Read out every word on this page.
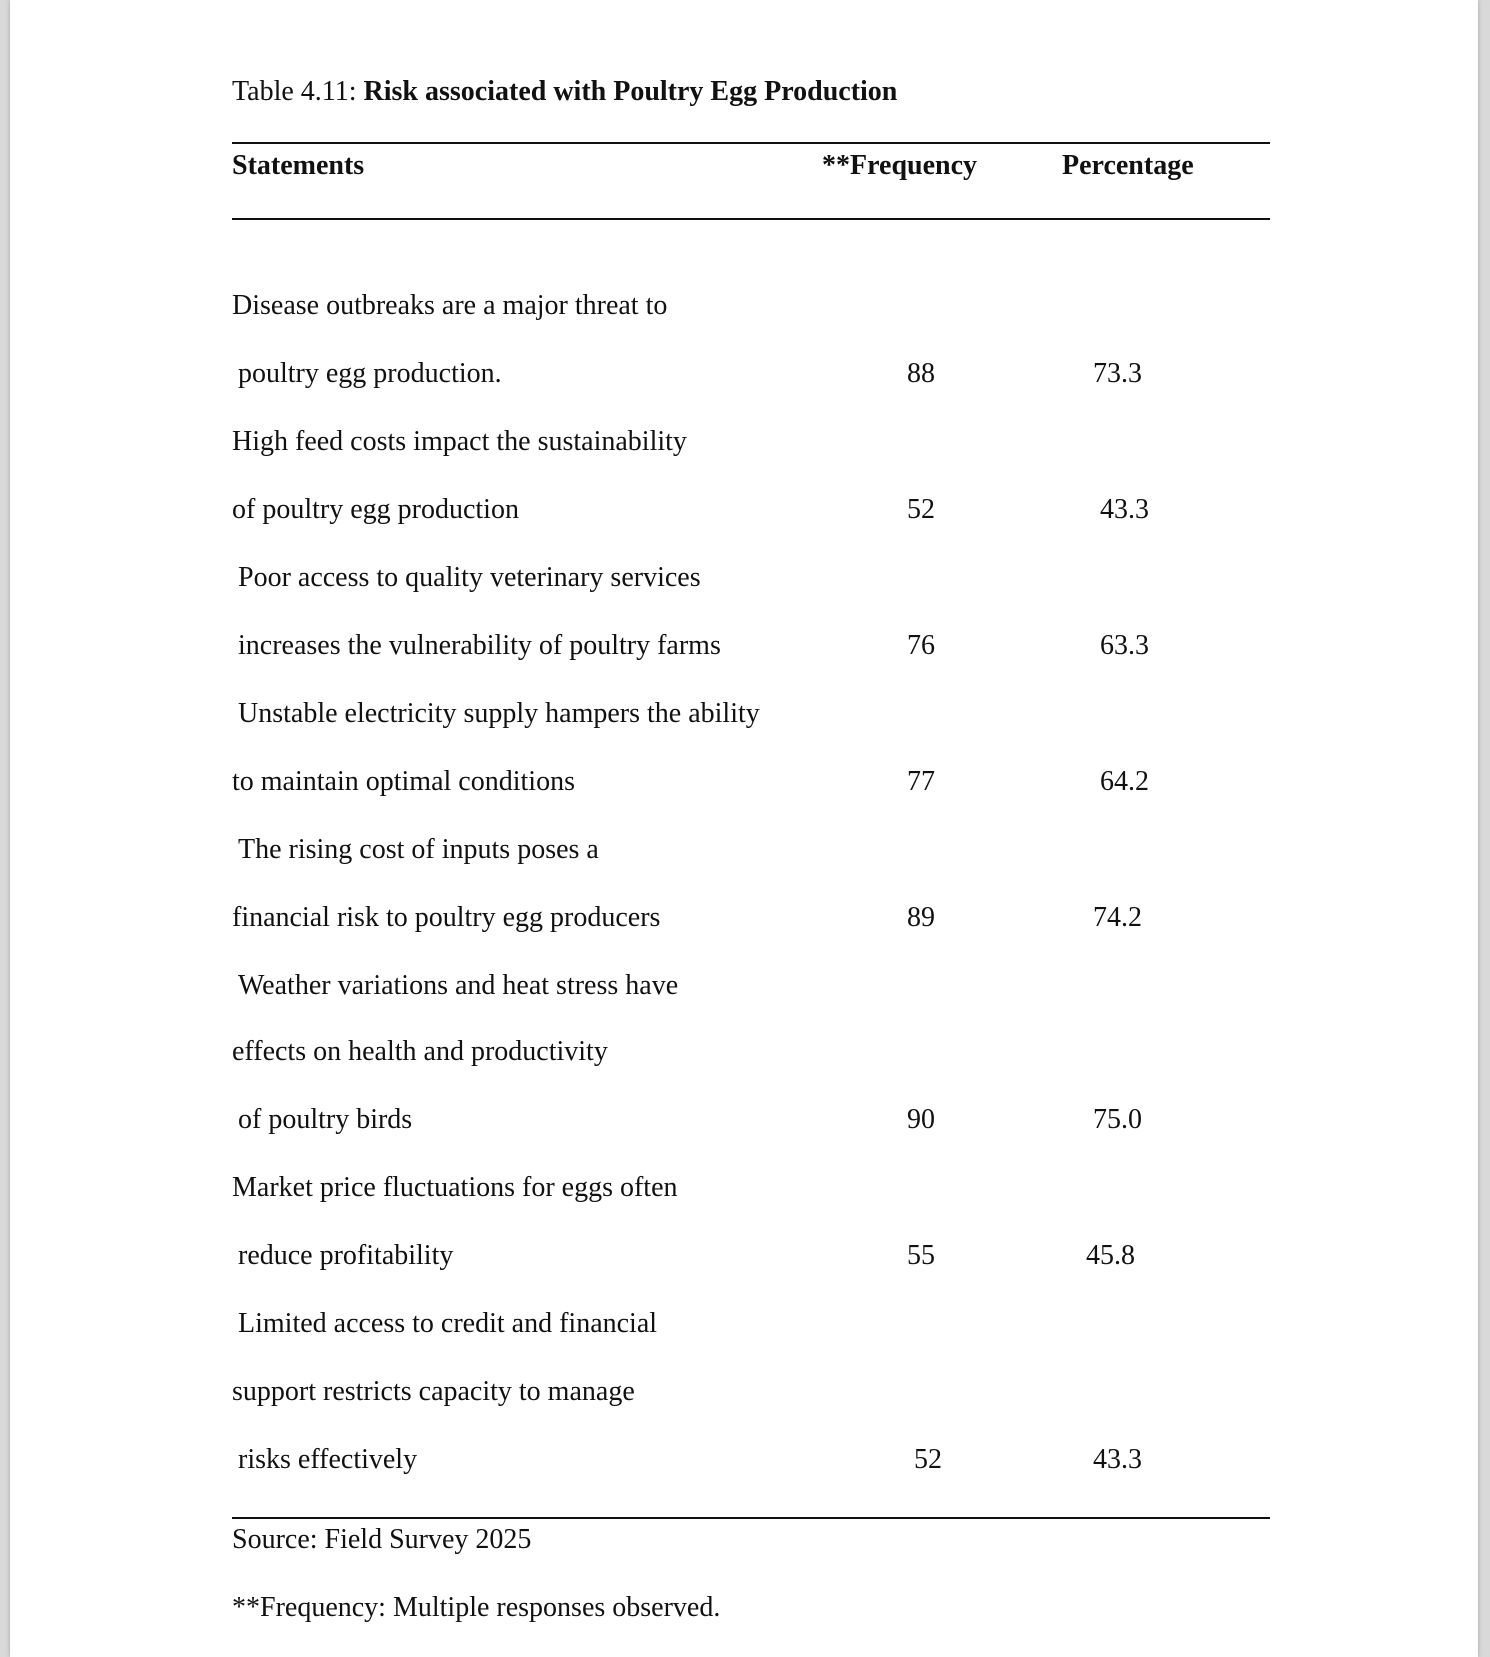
Table 4.11: Risk associated with Poultry Egg Production
Statements	**Frequency	Percentage
Disease outbreaks are a major threat to
poultry egg production.	88	73.3
High feed costs impact the sustainability
of poultry egg production	52	43.3
Poor access to quality veterinary services
increases the vulnerability of poultry farms	76	63.3
Unstable electricity supply hampers the ability
to maintain optimal conditions	77	64.2
The rising cost of inputs poses a
financial risk to poultry egg producers	89	74.2
Weather variations and heat stress have
effects on health and productivity
of poultry birds	90	75.0
Market price fluctuations for eggs often
reduce profitability	55	45.8
Limited access to credit and financial
support restricts capacity to manage
risks effectively	52	43.3
Source: Field Survey 2025
**Frequency: Multiple responses observed.
